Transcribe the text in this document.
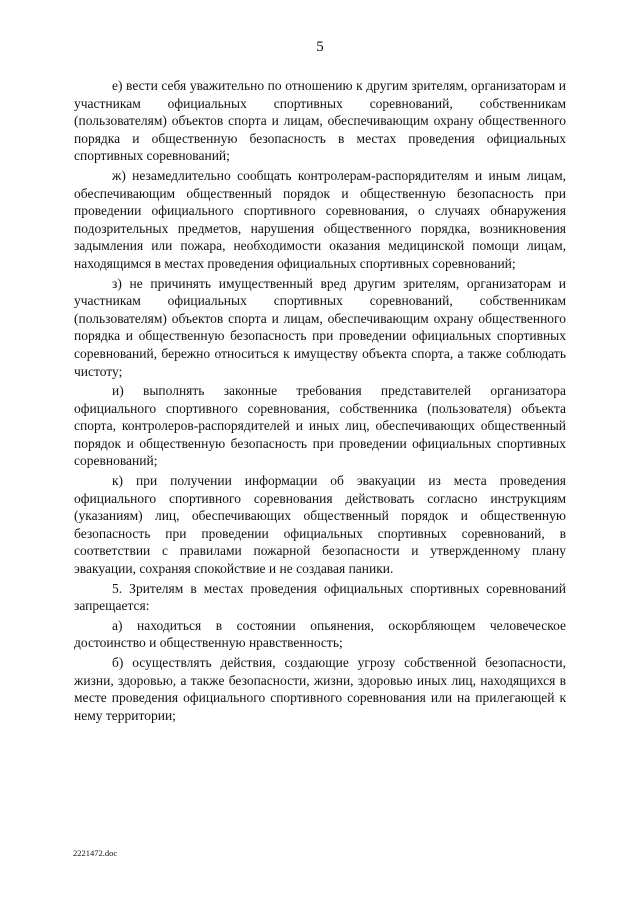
5

е) вести себя уважительно по отношению к другим зрителям, организаторам и участникам официальных спортивных соревнований, собственникам (пользователям) объектов спорта и лицам, обеспечивающим охрану общественного порядка и общественную безопасность в местах проведения официальных спортивных соревнований;

ж) незамедлительно сообщать контролерам-распорядителям и иным лицам, обеспечивающим общественный порядок и общественную безопасность при проведении официального спортивного соревнования, о случаях обнаружения подозрительных предметов, нарушения общественного порядка, возникновения задымления или пожара, необходимости оказания медицинской помощи лицам, находящимся в местах проведения официальных спортивных соревнований;

з) не причинять имущественный вред другим зрителям, организаторам и участникам официальных спортивных соревнований, собственникам (пользователям) объектов спорта и лицам, обеспечивающим охрану общественного порядка и общественную безопасность при проведении официальных спортивных соревнований, бережно относиться к имуществу объекта спорта, а также соблюдать чистоту;

и) выполнять законные требования представителей организатора официального спортивного соревнования, собственника (пользователя) объекта спорта, контролеров-распорядителей и иных лиц, обеспечивающих общественный порядок и общественную безопасность при проведении официальных спортивных соревнований;

к) при получении информации об эвакуации из места проведения официального спортивного соревнования действовать согласно инструкциям (указаниям) лиц, обеспечивающих общественный порядок и общественную безопасность при проведении официальных спортивных соревнований, в соответствии с правилами пожарной безопасности и утвержденному плану эвакуации, сохраняя спокойствие и не создавая паники.

5. Зрителям в местах проведения официальных спортивных соревнований запрещается:

а) находиться в состоянии опьянения, оскорбляющем человеческое достоинство и общественную нравственность;

б) осуществлять действия, создающие угрозу собственной безопасности, жизни, здоровью, а также безопасности, жизни, здоровью иных лиц, находящихся в месте проведения официального спортивного соревнования или на прилегающей к нему территории;

2221472.doc
